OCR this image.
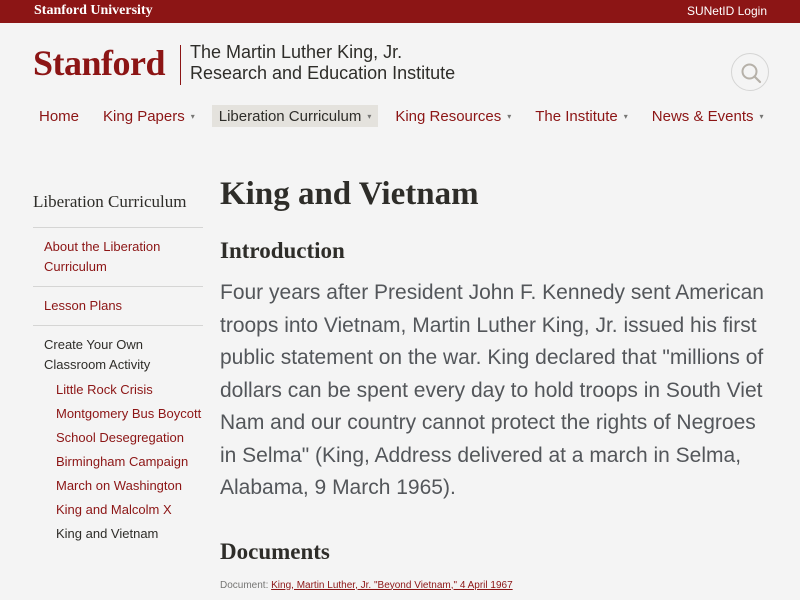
Stanford University	SUNetID Login
Stanford The Martin Luther King, Jr.
Research and Education Institute
Home King Papers ▾ Liberation Curriculum ▾ King Resources ▾ The Institute ▾ News & Events ▾
Liberation Curriculum
About the Liberation Curriculum
Lesson Plans
Create Your Own Classroom Activity
Little Rock Crisis
Montgomery Bus Boycott
School Desegregation
Birmingham Campaign
March on Washington
King and Malcolm X
King and Vietnam
King and Vietnam
Introduction

Four years after President John F. Kennedy sent American troops into Vietnam, Martin Luther King, Jr. issued his first public statement on the war. King declared that "millions of dollars can be spent every day to hold troops in South Viet Nam and our country cannot protect the rights of Negroes in Selma" (King, Address delivered at a march in Selma, Alabama, 9 March 1965).

Documents
Document: King, Martin Luther, Jr. "Beyond Vietnam," 4 April 1967
